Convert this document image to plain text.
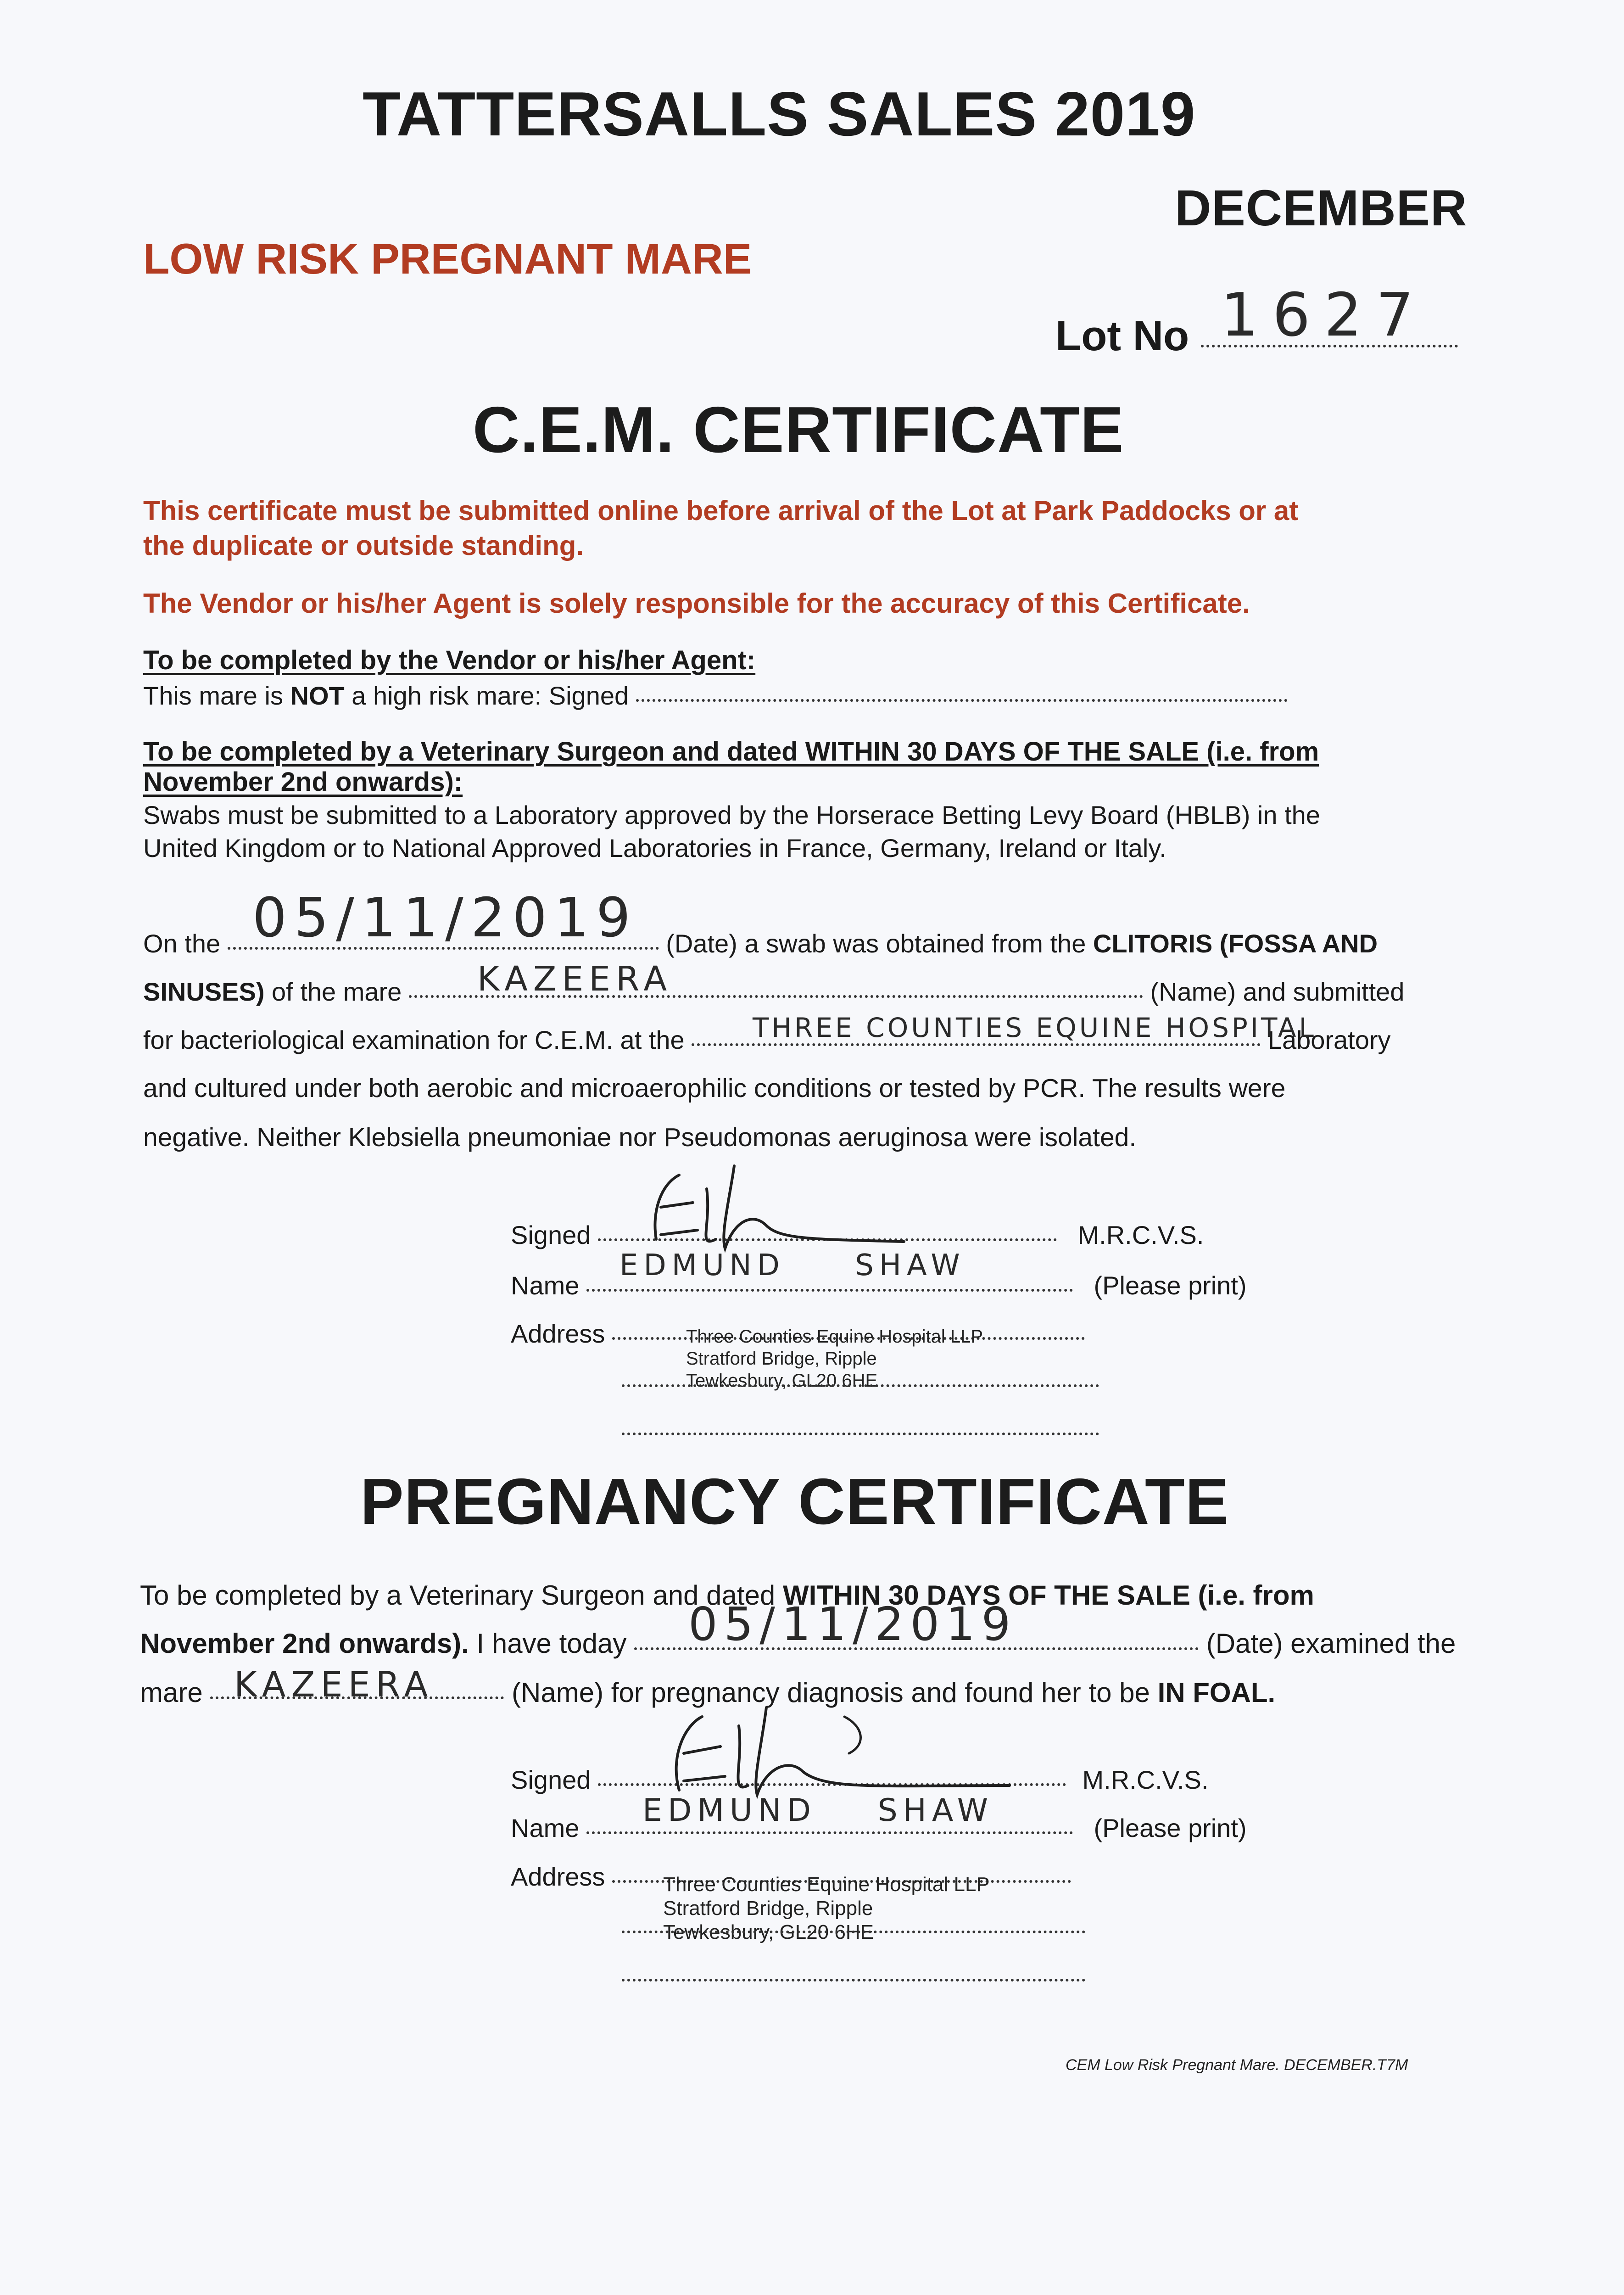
TATTERSALLS SALES 2019
DECEMBER
LOW RISK PREGNANT MARE
Lot No 1627
C.E.M. CERTIFICATE
This certificate must be submitted online before arrival of the Lot at Park Paddocks or at
the duplicate or outside standing.
The Vendor or his/her Agent is solely responsible for the accuracy of this Certificate.
To be completed by the Vendor or his/her Agent:
This mare is NOT a high risk mare: Signed
To be completed by a Veterinary Surgeon and dated WITHIN 30 DAYS OF THE SALE (i.e. from
November 2nd onwards):
Swabs must be submitted to a Laboratory approved by the Horserace Betting Levy Board (HBLB) in the
United Kingdom or to National Approved Laboratories in France, Germany, Ireland or Italy.
On the	(Date) a swab was obtained from the CLITORIS (FOSSA AND
05/11/2019
SINUSES) of the mare	(Name) and submitted
KAZEERA
for bacteriological examination for C.E.M. at the	Laboratory
THREE COUNTIES EQUINE HOSPITAL
and cultured under both aerobic and microaerophilic conditions or tested by PCR. The results were
negative. Neither Klebsiella pneumoniae nor Pseudomonas aeruginosa were isolated.
Signed	M.R.C.V.S.
Name	(Please print)
EDMUND SHAW
Address	Three Counties Equine Hospital LLP
Stratford Bridge, Ripple
Tewkesbury, GL20 6HE
PREGNANCY CERTIFICATE
To be completed by a Veterinary Surgeon and dated WITHIN 30 DAYS OF THE SALE (i.e. from
November 2nd onwards). I have today	(Date) examined the
05/11/2019
mare	(Name) for pregnancy diagnosis and found her to be IN FOAL.
KAZEERA
Signed	M.R.C.V.S.
Name	(Please print)
EDMUND SHAW
Address	Three Counties Equine Hospital LLP
Stratford Bridge, Ripple
Tewkesbury, GL20 6HE
CEM Low Risk Pregnant Mare. DECEMBER.T7M
